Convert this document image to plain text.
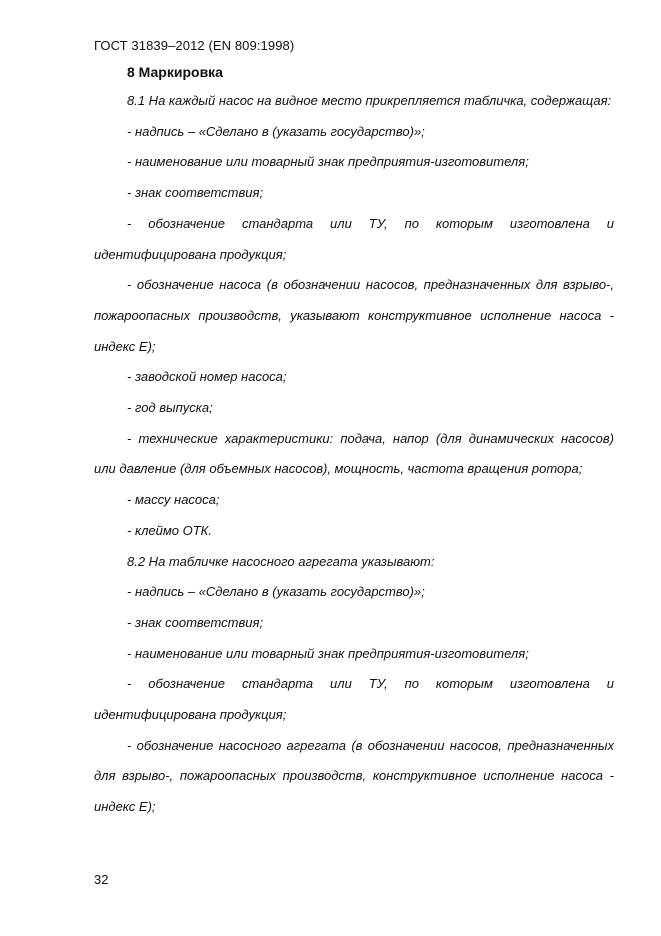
ГОСТ 31839–2012 (EN 809:1998)
8 Маркировка

8.1 На каждый насос на видное место прикрепляется табличка, содержащая:

- надпись – «Сделано в (указать государство)»;

- наименование или товарный знак предприятия-изготовителя;

- знак соответствия;

- обозначение стандарта или ТУ, по которым изготовлена и идентифицирована продукция;

- обозначение насоса (в обозначении насосов, предназначенных для взрыво-, пожароопасных производств, указывают конструктивное исполнение насоса - индекс Е);

- заводской номер насоса;

- год выпуска;

- технические характеристики: подача, напор (для динамических насосов) или давление (для объемных насосов), мощность, частота вращения ротора;

- массу насоса;

- клеймо ОТК.

8.2 На табличке насосного агрегата указывают:

- надпись – «Сделано в (указать государство)»;

- знак соответствия;

- наименование или товарный знак предприятия-изготовителя;

- обозначение стандарта или ТУ, по которым изготовлена и идентифицирована продукция;

- обозначение насосного агрегата (в обозначении насосов, предназначенных для взрыво-, пожароопасных производств, конструктивное исполнение насоса - индекс Е);

32
